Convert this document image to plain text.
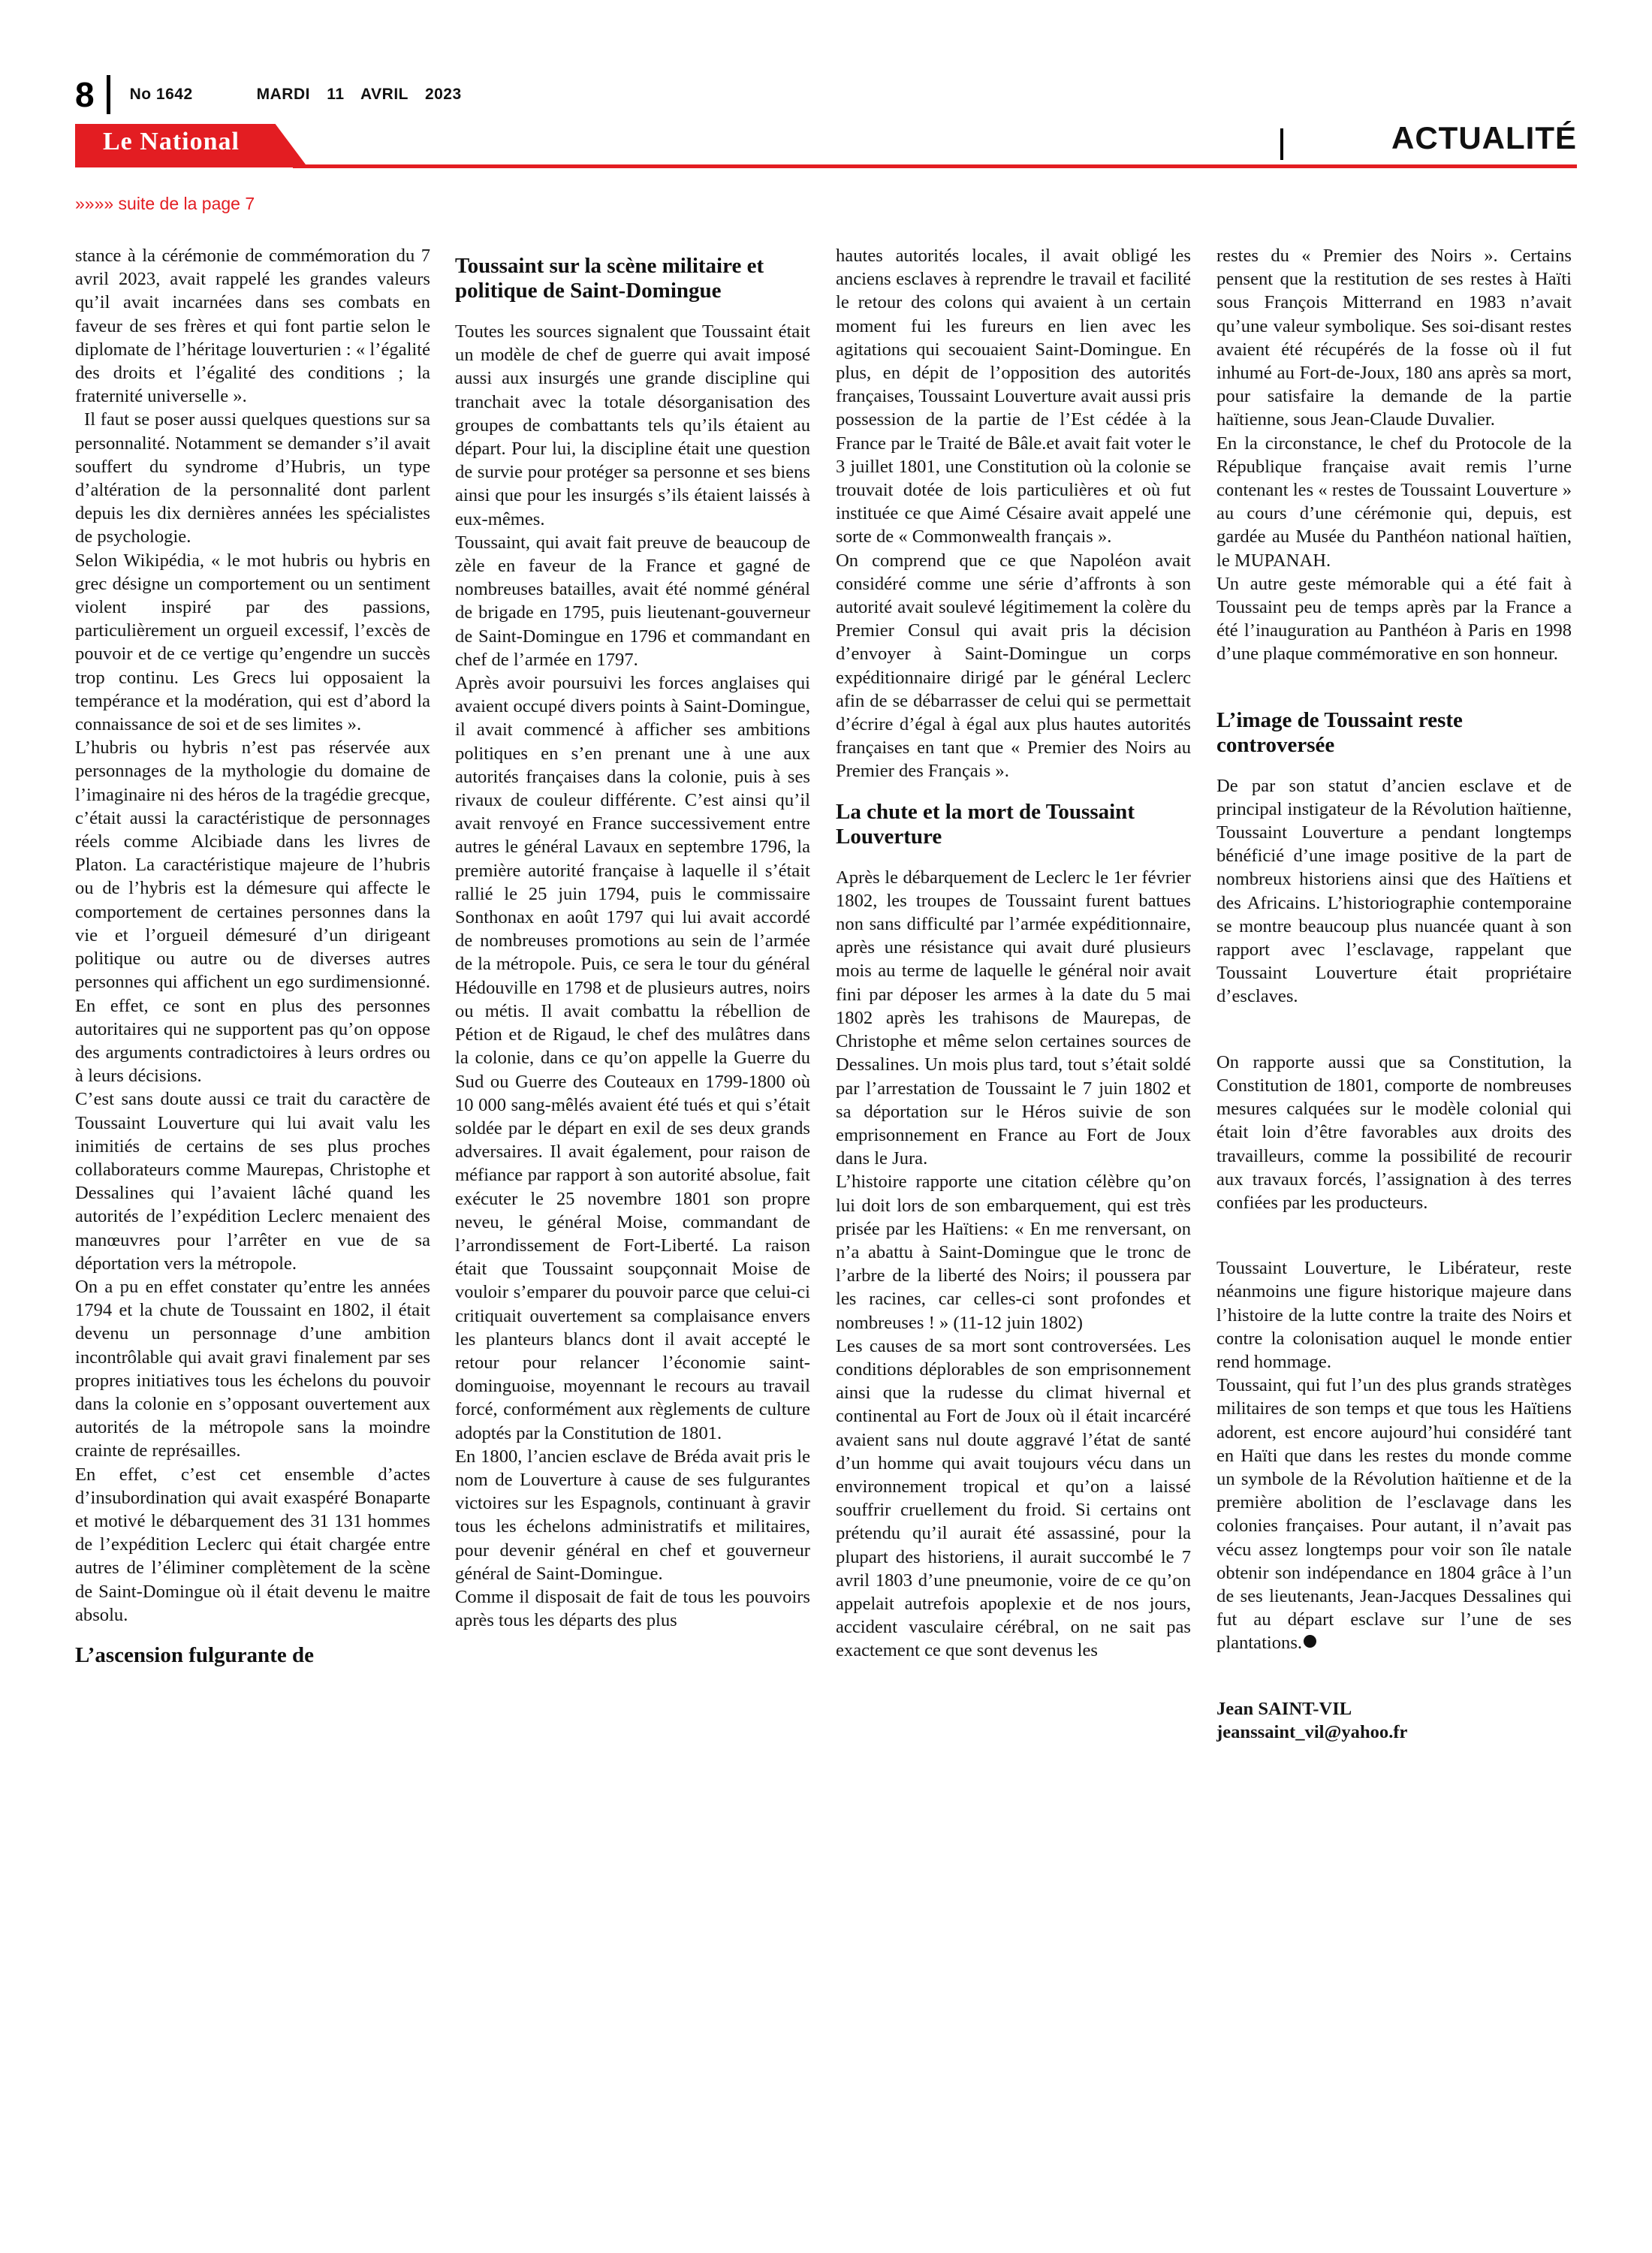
8 No 1642	MARDI 11 AVRIL 2023
Le National	ACTUALITÉ
»»»» suite de la page 7

stance à la cérémonie de commémoration du 7 avril 2023, avait rappelé les grandes valeurs qu’il avait incarnées dans ses combats en faveur de ses frères et qui font partie selon le diplomate de l’héritage louverturien : « l’égalité des droits et l’égalité des conditions ; la fraternité universelle ».

Il faut se poser aussi quelques questions sur sa personnalité. Notamment se demander s’il avait souffert du syndrome d’Hubris, un type d’altération de la personnalité dont parlent depuis les dix dernières années les spécialistes de psychologie.

Selon Wikipédia, « le mot hubris ou hybris en grec désigne un comportement ou un sentiment violent inspiré par des passions, particulièrement un orgueil excessif, l’excès de pouvoir et de ce vertige qu’engendre un succès trop continu. Les Grecs lui opposaient la tempérance et la modération, qui est d’abord la connaissance de soi et de ses limites ».

L’hubris ou hybris n’est pas réservée aux personnages de la mythologie du domaine de l’imaginaire ni des héros de la tragédie grecque, c’était aussi la caractéristique de personnages réels comme Alcibiade dans les livres de Platon. La caractéristique majeure de l’hubris ou de l’hybris est la démesure qui affecte le comportement de certaines personnes dans la vie et l’orgueil démesuré d’un dirigeant politique ou autre ou de diverses autres personnes qui affichent un ego surdimensionné. En effet, ce sont en plus des personnes autoritaires qui ne supportent pas qu’on oppose des arguments contradictoires à leurs ordres ou à leurs décisions.

C’est sans doute aussi ce trait du caractère de Toussaint Louverture qui lui avait valu les inimitiés de certains de ses plus proches collaborateurs comme Maurepas, Christophe et Dessalines qui l’avaient lâché quand les autorités de l’expédition Leclerc menaient des manœuvres pour l’arrêter en vue de sa déportation vers la métropole.

On a pu en effet constater qu’entre les années 1794 et la chute de Toussaint en 1802, il était devenu un personnage d’une ambition incontrôlable qui avait gravi finalement par ses propres initiatives tous les échelons du pouvoir dans la colonie en s’opposant ouvertement aux autorités de la métropole sans la moindre crainte de représailles.

En effet, c’est cet ensemble d’actes d’insubordination qui avait exaspéré Bonaparte et motivé le débarquement des 31 131 hommes de l’expédition Leclerc qui était chargée entre autres de l’éliminer complètement de la scène de Saint-Domingue où il était devenu le maitre absolu.

L’ascension fulgurante de
Toussaint sur la scène militaire et politique de Saint-Domingue

Toutes les sources signalent que Toussaint était un modèle de chef de guerre qui avait imposé aussi aux insurgés une grande discipline qui tranchait avec la totale désorganisation des groupes de combattants tels qu’ils étaient au départ. Pour lui, la discipline était une question de survie pour protéger sa personne et ses biens ainsi que pour les insurgés s’ils étaient laissés à eux-mêmes.

Toussaint, qui avait fait preuve de beaucoup de zèle en faveur de la France et gagné de nombreuses batailles, avait été nommé général de brigade en 1795, puis lieutenant-gouverneur de Saint-Domingue en 1796 et commandant en chef de l’armée en 1797.

Après avoir poursuivi les forces anglaises qui avaient occupé divers points à Saint-Domingue, il avait commencé à afficher ses ambitions politiques en s’en prenant une à une aux autorités françaises dans la colonie, puis à ses rivaux de couleur différente. C’est ainsi qu’il avait renvoyé en France successivement entre autres le général Lavaux en septembre 1796, la première autorité française à laquelle il s’était rallié le 25 juin 1794, puis le commissaire Sonthonax en août 1797 qui lui avait accordé de nombreuses promotions au sein de l’armée de la métropole. Puis, ce sera le tour du général Hédouville en 1798 et de plusieurs autres, noirs ou métis. Il avait combattu la rébellion de Pétion et de Rigaud, le chef des mulâtres dans la colonie, dans ce qu’on appelle la Guerre du Sud ou Guerre des Couteaux en 1799-1800 où 10 000 sang-mêlés avaient été tués et qui s’était soldée par le départ en exil de ses deux grands adversaires. Il avait également, pour raison de méfiance par rapport à son autorité absolue, fait exécuter le 25 novembre 1801 son propre neveu, le général Moise, commandant de l’arrondissement de Fort-Liberté. La raison était que Toussaint soupçonnait Moise de vouloir s’emparer du pouvoir parce que celui-ci critiquait ouvertement sa complaisance envers les planteurs blancs dont il avait accepté le retour pour relancer l’économie saint-dominguoise, moyennant le recours au travail forcé, conformément aux règlements de culture adoptés par la Constitution de 1801.

En 1800, l’ancien esclave de Bréda avait pris le nom de Louverture à cause de ses fulgurantes victoires sur les Espagnols, continuant à gravir tous les échelons administratifs et militaires, pour devenir général en chef et gouverneur général de Saint-Domingue.

Comme il disposait de fait de tous les pouvoirs après tous les départs des plus

hautes autorités locales, il avait obligé les anciens esclaves à reprendre le travail et facilité le retour des colons qui avaient à un certain moment fui les fureurs en lien avec les agitations qui secouaient Saint-Domingue. En plus, en dépit de l’opposition des autorités françaises, Toussaint Louverture avait aussi pris possession de la partie de l’Est cédée à la France par le Traité de Bâle.et avait fait voter le 3 juillet 1801, une Constitution où la colonie se trouvait dotée de lois particulières et où fut instituée ce que Aimé Césaire avait appelé une sorte de « Commonwealth français ».

On comprend que ce que Napoléon avait considéré comme une série d’affronts à son autorité avait soulevé légitimement la colère du Premier Consul qui avait pris la décision d’envoyer à Saint-Domingue un corps expéditionnaire dirigé par le général Leclerc afin de se débarrasser de celui qui se permettait d’écrire d’égal à égal aux plus hautes autorités françaises en tant que « Premier des Noirs au Premier des Français ».

La chute et la mort de Toussaint Louverture

Après le débarquement de Leclerc le 1er février 1802, les troupes de Toussaint furent battues non sans difficulté par l’armée expéditionnaire, après une résistance qui avait duré plusieurs mois au terme de laquelle le général noir avait fini par déposer les armes à la date du 5 mai 1802 après les trahisons de Maurepas, de Christophe et même selon certaines sources de Dessalines. Un mois plus tard, tout s’était soldé par l’arrestation de Toussaint le 7 juin 1802 et sa déportation sur le Héros suivie de son emprisonnement en France au Fort de Joux dans le Jura.

L’histoire rapporte une citation célèbre qu’on lui doit lors de son embarquement, qui est très prisée par les Haïtiens: « En me renversant, on n’a abattu à Saint-Domingue que le tronc de l’arbre de la liberté des Noirs; il poussera par les racines, car celles-ci sont profondes et nombreuses ! » (11-12 juin 1802)

Les causes de sa mort sont controversées. Les conditions déplorables de son emprisonnement ainsi que la rudesse du climat hivernal et continental au Fort de Joux où il était incarcéré avaient sans nul doute aggravé l’état de santé d’un homme qui avait toujours vécu dans un environnement tropical et qu’on a laissé souffrir cruellement du froid. Si certains ont prétendu qu’il aurait été assassiné, pour la plupart des historiens, il aurait succombé le 7 avril 1803 d’une pneumonie, voire de ce qu’on appelait autrefois apoplexie et de nos jours, accident vasculaire cérébral, on ne sait pas exactement ce que sont devenus les

restes du « Premier des Noirs ». Certains pensent que la restitution de ses restes à Haïti sous François Mitterrand en 1983 n’avait qu’une valeur symbolique. Ses soi-disant restes avaient été récupérés de la fosse où il fut inhumé au Fort-de-Joux, 180 ans après sa mort, pour satisfaire la demande de la partie haïtienne, sous Jean-Claude Duvalier.

En la circonstance, le chef du Protocole de la République française avait remis l’urne contenant les « restes de Toussaint Louverture » au cours d’une cérémonie qui, depuis, est gardée au Musée du Panthéon national haïtien, le MUPANAH.

Un autre geste mémorable qui a été fait à Toussaint peu de temps après par la France a été l’inauguration au Panthéon à Paris en 1998 d’une plaque commémorative en son honneur.

L’image de Toussaint reste controversée

De par son statut d’ancien esclave et de principal instigateur de la Révolution haïtienne, Toussaint Louverture a pendant longtemps bénéficié d’une image positive de la part de nombreux historiens ainsi que des Haïtiens et des Africains. L’historiographie contemporaine se montre beaucoup plus nuancée quant à son rapport avec l’esclavage, rappelant que Toussaint Louverture était propriétaire d’esclaves.

On rapporte aussi que sa Constitution, la Constitution de 1801, comporte de nombreuses mesures calquées sur le modèle colonial qui était loin d’être favorables aux droits des travailleurs, comme la possibilité de recourir aux travaux forcés, l’assignation à des terres confiées par les producteurs.

Toussaint Louverture, le Libérateur, reste néanmoins une figure historique majeure dans l’histoire de la lutte contre la traite des Noirs et contre la colonisation auquel le monde entier rend hommage.

Toussaint, qui fut l’un des plus grands stratèges militaires de son temps et que tous les Haïtiens adorent, est encore aujourd’hui considéré tant en Haïti que dans les restes du monde comme un symbole de la Révolution haïtienne et de la première abolition de l’esclavage dans les colonies françaises. Pour autant, il n’avait pas vécu assez longtemps pour voir son île natale obtenir son indépendance en 1804 grâce à l’un de ses lieutenants, Jean-Jacques Dessalines qui fut au départ esclave sur l’une de ses plantations.

Jean SAINT-VIL

jeanssaint_vil@yahoo.fr
